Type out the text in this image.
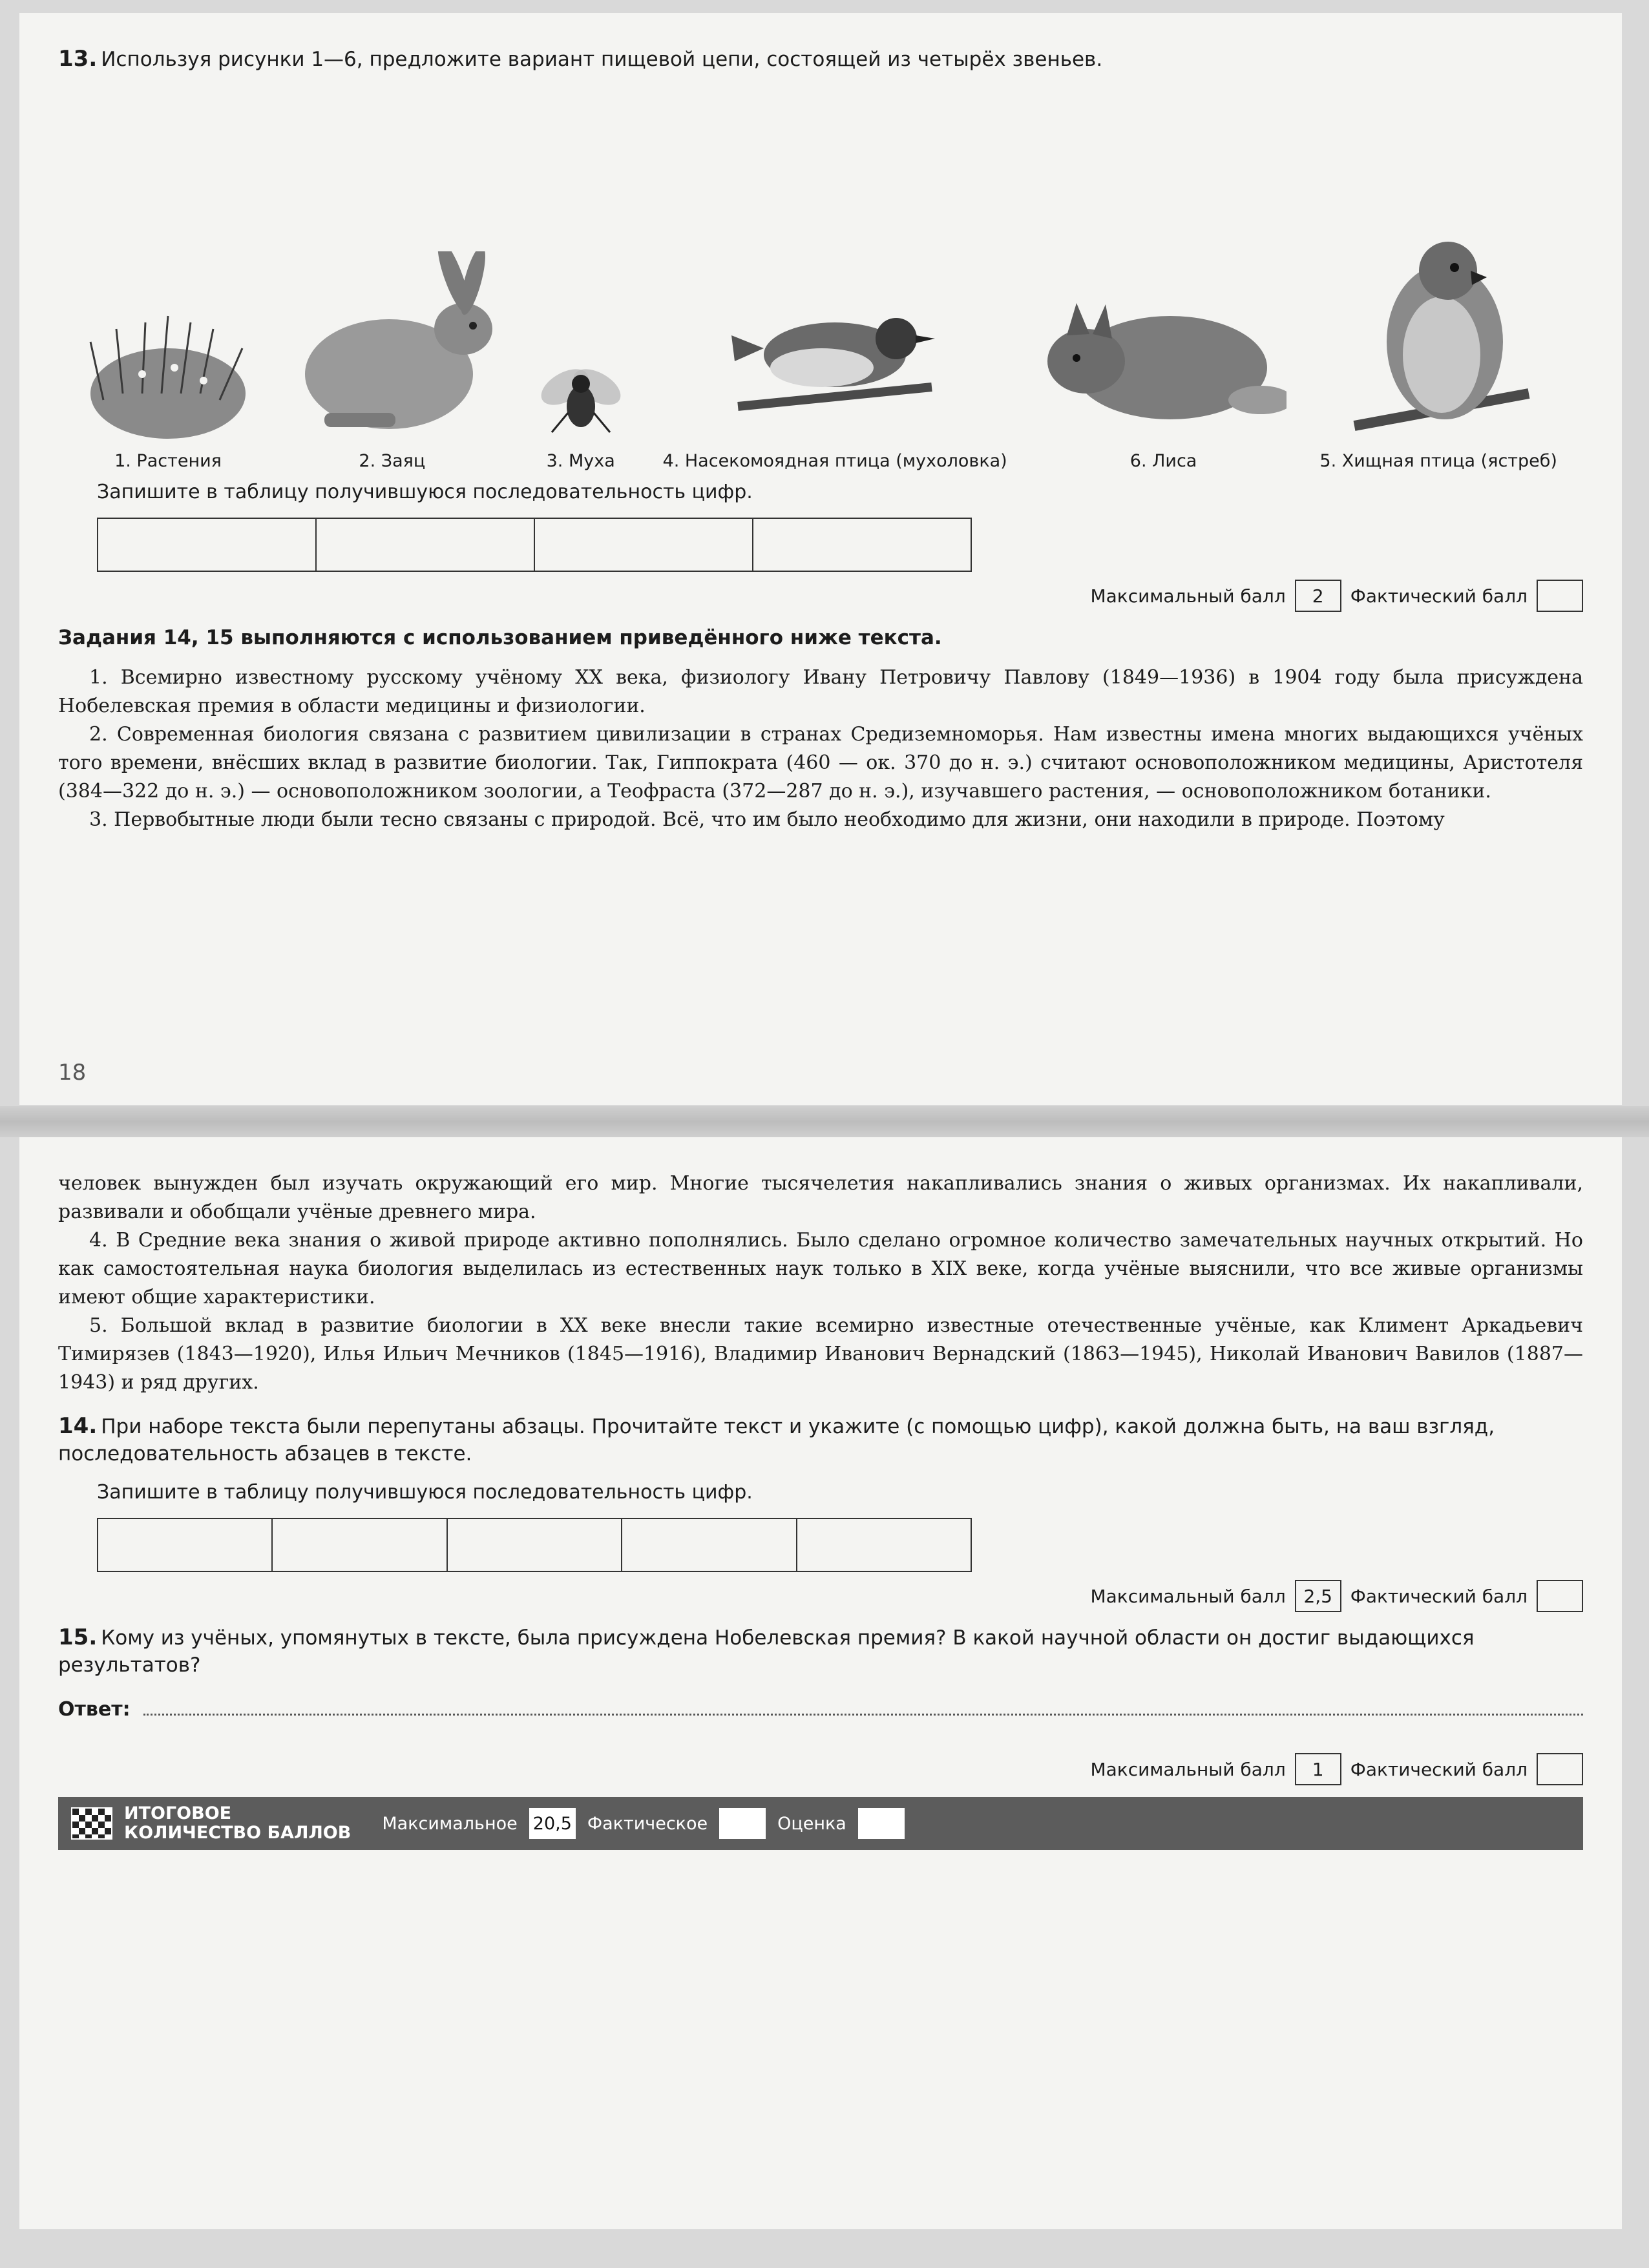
13. Используя рисунки 1—6, предложите вариант пищевой цепи, состоящей из четырёх звеньев.

1. Растения	2. Заяц	3. Муха	4. Насекомоядная птица (мухоловка)	6. Лиса	5. Хищная птица (ястреб)

Запишите в таблицу получившуюся последовательность цифр.

Максимальный балл	2	Фактический балл

Задания 14, 15 выполняются с использованием приведённого ниже текста.

1. Всемирно известному русскому учёному XX века, физиологу Ивану Петровичу Павлову (1849—1936) в 1904 году была присуждена Нобелевская премия в области медицины и физиологии.

2. Современная биология связана с развитием цивилизации в странах Средиземноморья. Нам известны имена многих выдающихся учёных того времени, внёсших вклад в развитие биологии. Так, Гиппократа (460 — ок. 370 до н. э.) считают основоположником медицины, Аристотеля (384—322 до н. э.) — основоположником зоологии, а Теофраста (372—287 до н. э.), изучавшего растения, — основоположником ботаники.

3. Первобытные люди были тесно связаны с природой. Всё, что им было необходимо для жизни, они находили в природе. Поэтому

18

человек вынужден был изучать окружающий его мир. Многие тысячелетия накапливались знания о живых организмах. Их накапливали, развивали и обобщали учёные древнего мира.

4. В Средние века знания о живой природе активно пополнялись. Было сделано огромное количество замечательных научных открытий. Но как самостоятельная наука биология выделилась из естественных наук только в XIX веке, когда учёные выяснили, что все живые организмы имеют общие характеристики.

5. Большой вклад в развитие биологии в XX веке внесли такие всемирно известные отечественные учёные, как Климент Аркадьевич Тимирязев (1843—1920), Илья Ильич Мечников (1845—1916), Владимир Иванович Вернадский (1863—1945), Николай Иванович Вавилов (1887—1943) и ряд других.

14. При наборе текста были перепутаны абзацы. Прочитайте текст и укажите (с помощью цифр), какой должна быть, на ваш взгляд, последовательность абзацев в тексте.

Запишите в таблицу получившуюся последовательность цифр.

Максимальный балл 2,5 Фактический балл

15. Кому из учёных, упомянутых в тексте, была присуждена Нобелевская премия? В какой научной области он достиг выдающихся результатов?

Ответ:
Максимальный балл	1	Фактический балл
ИТОГОВОЕ
КОЛИЧЕСТВО БАЛЛОВ Максимальное 20,5 Фактическое	Оценка
